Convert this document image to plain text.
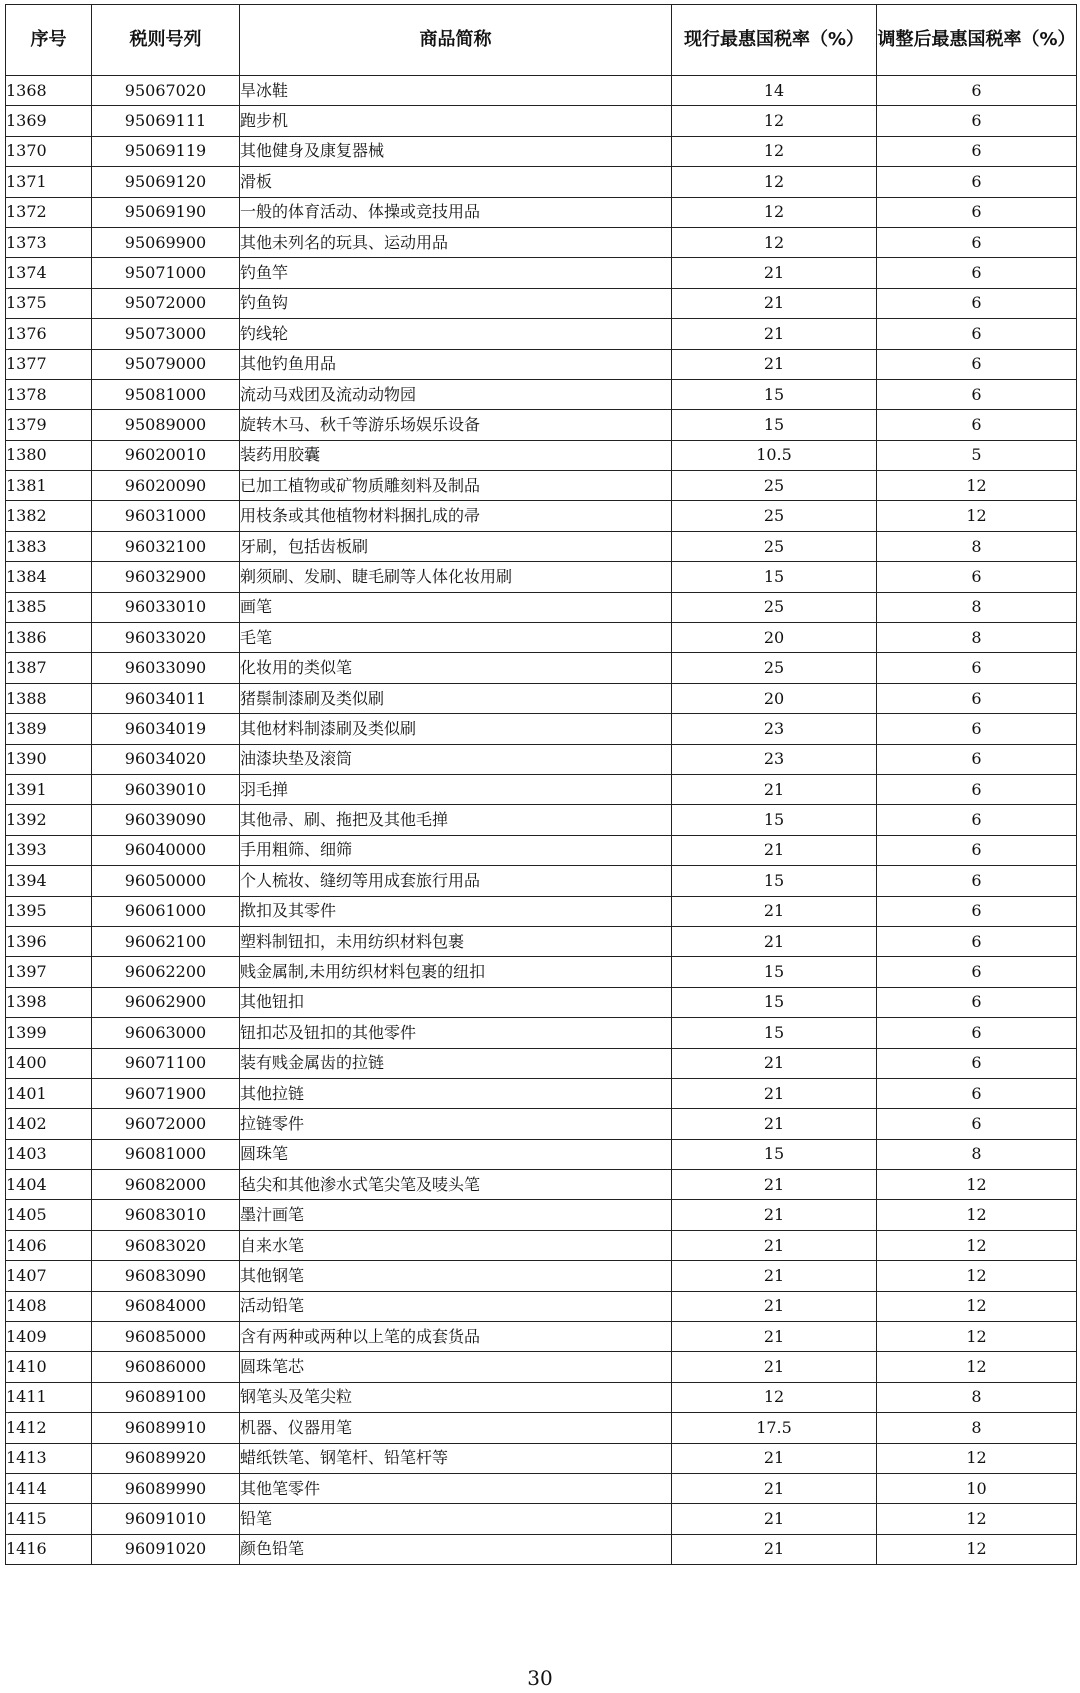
序号	税则号列	商品简称	现行最惠国税率（%）	调整后最惠国税率（%）
1368	95067020	旱冰鞋	14	6
1369	95069111	跑步机	12	6
1370	95069119	其他健身及康复器械	12	6
1371	95069120	滑板	12	6
1372	95069190	一般的体育活动、体操或竞技用品	12	6
1373	95069900	其他未列名的玩具、运动用品	12	6
1374	95071000	钓鱼竿	21	6
1375	95072000	钓鱼钩	21	6
1376	95073000	钓线轮	21	6
1377	95079000	其他钓鱼用品	21	6
1378	95081000	流动马戏团及流动动物园	15	6
1379	95089000	旋转木马、秋千等游乐场娱乐设备	15	6
1380	96020010	装药用胶囊	10.5	5
1381	96020090	已加工植物或矿物质雕刻料及制品	25	12
1382	96031000	用枝条或其他植物材料捆扎成的帚	25	12
1383	96032100	牙刷，包括齿板刷	25	8
1384	96032900	剃须刷、发刷、睫毛刷等人体化妆用刷	15	6
1385	96033010	画笔	25	8
1386	96033020	毛笔	20	8
1387	96033090	化妆用的类似笔	25	6
1388	96034011	猪鬃制漆刷及类似刷	20	6
1389	96034019	其他材料制漆刷及类似刷	23	6
1390	96034020	油漆块垫及滚筒	23	6
1391	96039010	羽毛掸	21	6
1392	96039090	其他帚、刷、拖把及其他毛掸	15	6
1393	96040000	手用粗筛、细筛	21	6
1394	96050000	个人梳妆、缝纫等用成套旅行用品	15	6
1395	96061000	揿扣及其零件	21	6
1396	96062100	塑料制钮扣，未用纺织材料包裹	21	6
1397	96062200	贱金属制,未用纺织材料包裹的纽扣	15	6
1398	96062900	其他钮扣	15	6
1399	96063000	钮扣芯及钮扣的其他零件	15	6
1400	96071100	装有贱金属齿的拉链	21	6
1401	96071900	其他拉链	21	6
1402	96072000	拉链零件	21	6
1403	96081000	圆珠笔	15	8
1404	96082000	毡尖和其他渗水式笔尖笔及唛头笔	21	12
1405	96083010	墨汁画笔	21	12
1406	96083020	自来水笔	21	12
1407	96083090	其他钢笔	21	12
1408	96084000	活动铅笔	21	12
1409	96085000	含有两种或两种以上笔的成套货品	21	12
1410	96086000	圆珠笔芯	21	12
1411	96089100	钢笔头及笔尖粒	12	8
1412	96089910	机器、仪器用笔	17.5	8
1413	96089920	蜡纸铁笔、钢笔杆、铅笔杆等	21	12
1414	96089990	其他笔零件	21	10
1415	96091010	铅笔	21	12
1416	96091020	颜色铅笔	21	12
30
